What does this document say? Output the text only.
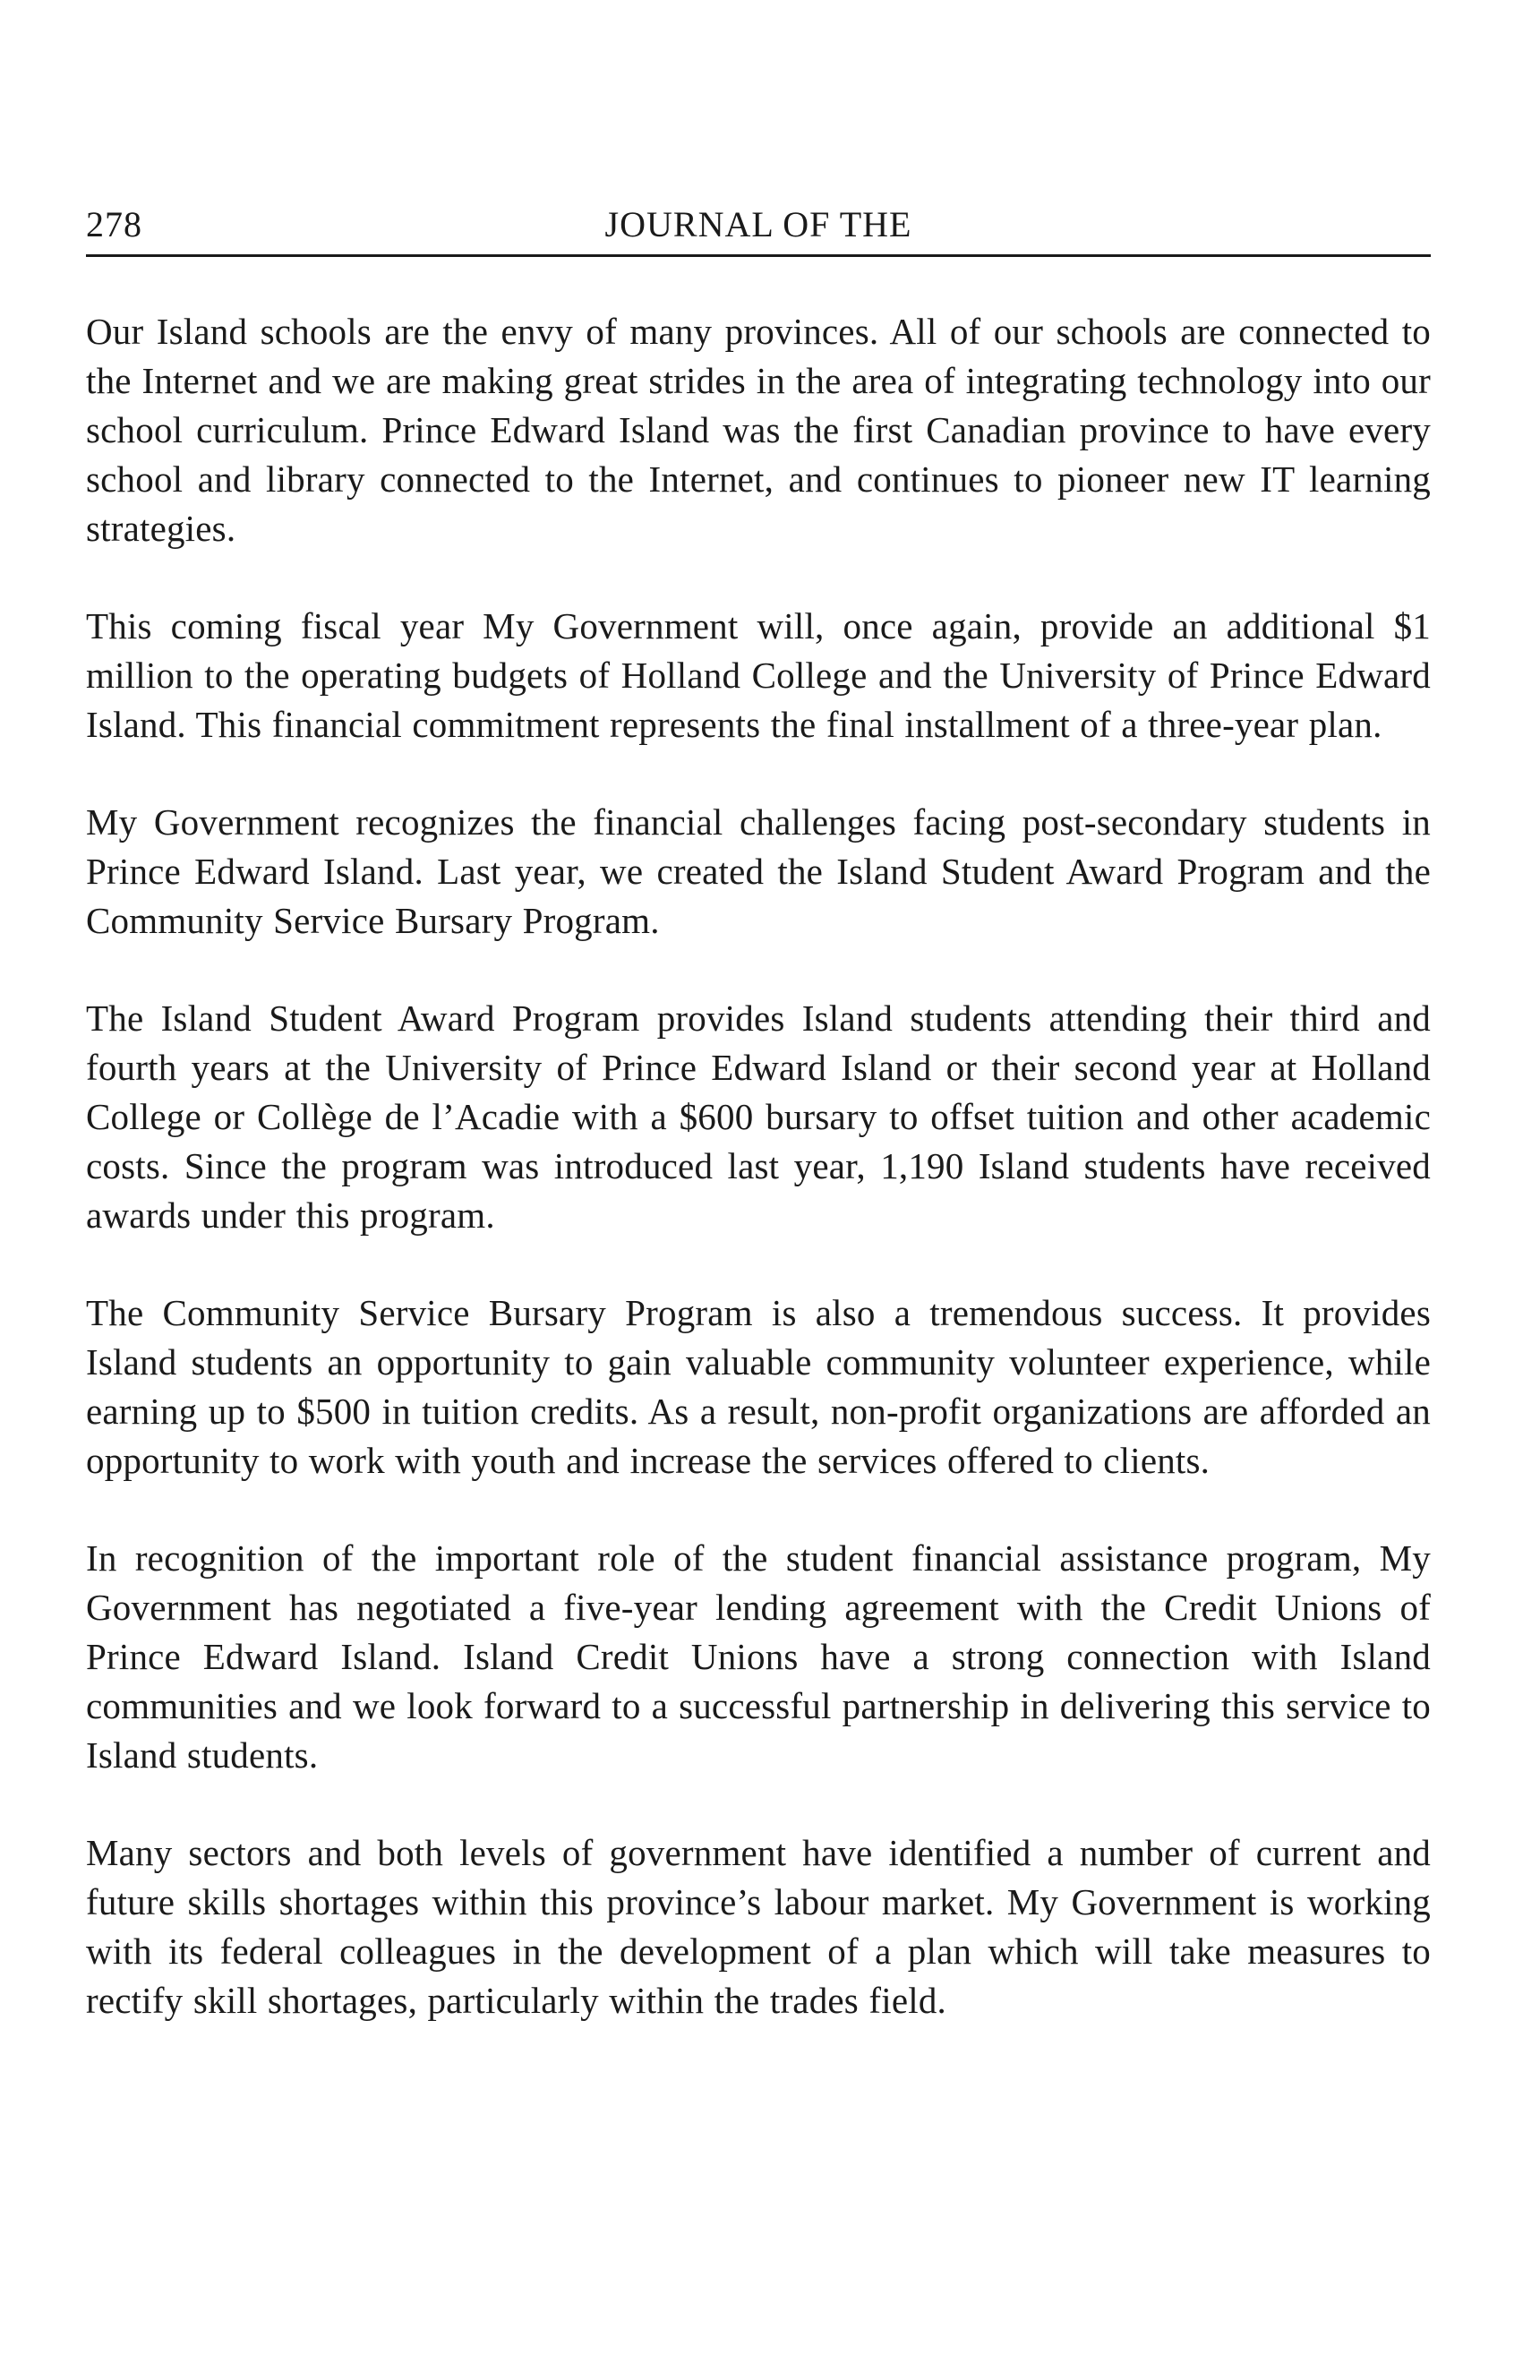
278	JOURNAL OF THE

Our Island schools are the envy of many provinces. All of our schools are connected to the Internet and we are making great strides in the area of integrating technology into our school curriculum. Prince Edward Island was the first Canadian province to have every school and library connected to the Internet, and continues to pioneer new IT learning strategies.

This coming fiscal year My Government will, once again, provide an additional $1 million to the operating budgets of Holland College and the University of Prince Edward Island. This financial commitment represents the final installment of a three-year plan.

My Government recognizes the financial challenges facing post-secondary students in Prince Edward Island. Last year, we created the Island Student Award Program and the Community Service Bursary Program.

The Island Student Award Program provides Island students attending their third and fourth years at the University of Prince Edward Island or their second year at Holland College or Collège de l’Acadie with a $600 bursary to offset tuition and other academic costs. Since the program was introduced last year, 1,190 Island students have received awards under this program.

The Community Service Bursary Program is also a tremendous success. It provides Island students an opportunity to gain valuable community volunteer experience, while earning up to $500 in tuition credits. As a result, non-profit organizations are afforded an opportunity to work with youth and increase the services offered to clients.

In recognition of the important role of the student financial assistance program, My Government has negotiated a five-year lending agreement with the Credit Unions of Prince Edward Island. Island Credit Unions have a strong connection with Island communities and we look forward to a successful partnership in delivering this service to Island students.

Many sectors and both levels of government have identified a number of current and future skills shortages within this province’s labour market. My Government is working with its federal colleagues in the development of a plan which will take measures to rectify skill shortages, particularly within the trades field.
